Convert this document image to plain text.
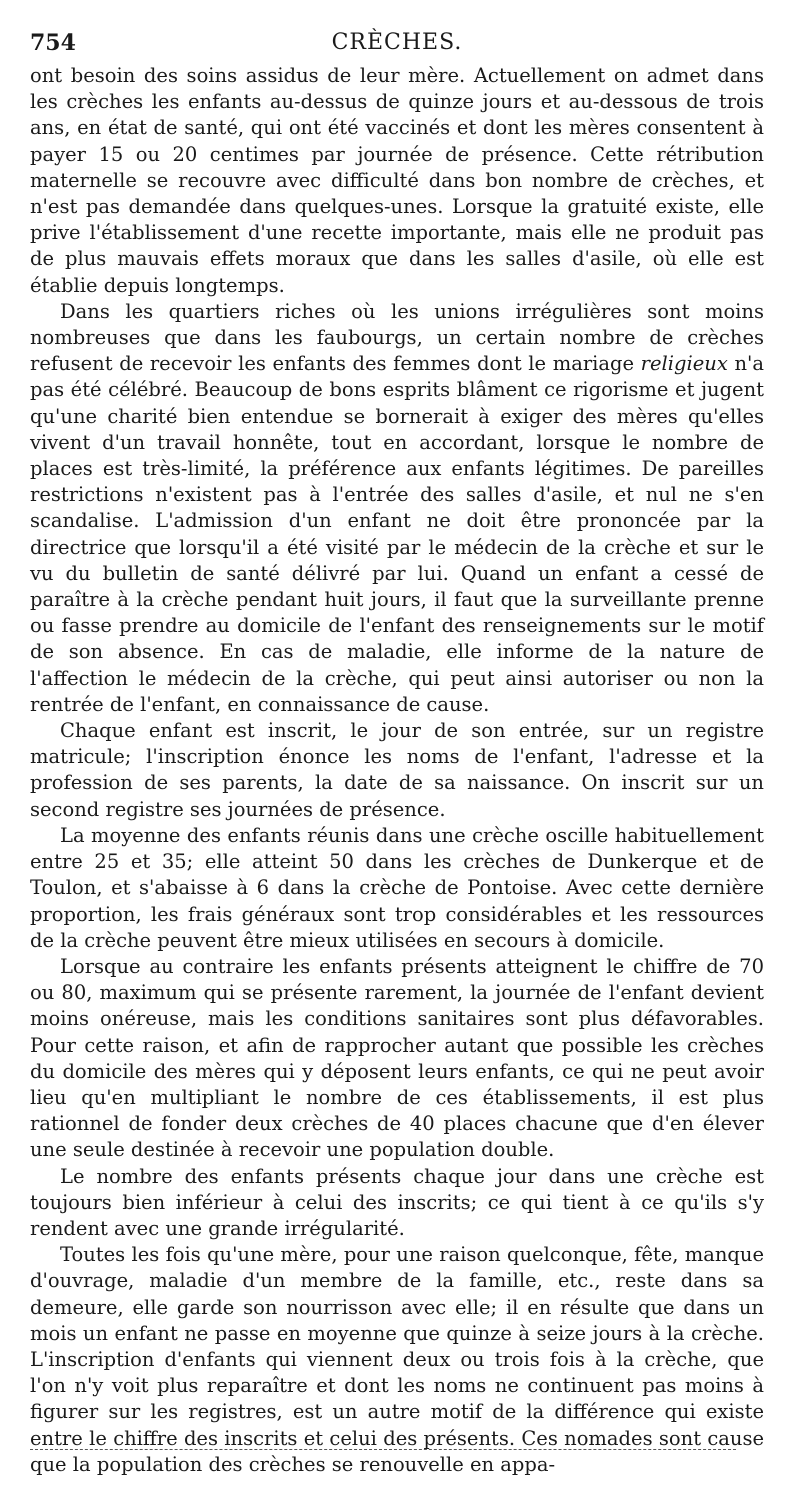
754	CRÈCHES.

ont besoin des soins assidus de leur mère. Actuellement on admet dans les crèches les enfants au-dessus de quinze jours et au-dessous de trois ans, en état de santé, qui ont été vaccinés et dont les mères consentent à payer 15 ou 20 centimes par journée de présence. Cette rétribution maternelle se recouvre avec difficulté dans bon nombre de crèches, et n'est pas demandée dans quelques-unes. Lorsque la gratuité existe, elle prive l'établissement d'une recette importante, mais elle ne produit pas de plus mauvais effets moraux que dans les salles d'asile, où elle est établie depuis longtemps.

Dans les quartiers riches où les unions irrégulières sont moins nombreuses que dans les faubourgs, un certain nombre de crèches refusent de recevoir les enfants des femmes dont le mariage religieux n'a pas été célébré. Beaucoup de bons esprits blâment ce rigorisme et jugent qu'une charité bien entendue se bornerait à exiger des mères qu'elles vivent d'un travail honnête, tout en accordant, lorsque le nombre de places est très-limité, la préférence aux enfants légitimes. De pareilles restrictions n'existent pas à l'entrée des salles d'asile, et nul ne s'en scandalise. L'admission d'un enfant ne doit être prononcée par la directrice que lorsqu'il a été visité par le médecin de la crèche et sur le vu du bulletin de santé délivré par lui. Quand un enfant a cessé de paraître à la crèche pendant huit jours, il faut que la surveillante prenne ou fasse prendre au domicile de l'enfant des renseignements sur le motif de son absence. En cas de maladie, elle informe de la nature de l'affection le médecin de la crèche, qui peut ainsi autoriser ou non la rentrée de l'enfant, en connaissance de cause.

Chaque enfant est inscrit, le jour de son entrée, sur un registre matricule; l'inscription énonce les noms de l'enfant, l'adresse et la profession de ses parents, la date de sa naissance. On inscrit sur un second registre ses journées de présence.

La moyenne des enfants réunis dans une crèche oscille habituellement entre 25 et 35; elle atteint 50 dans les crèches de Dunkerque et de Toulon, et s'abaisse à 6 dans la crèche de Pontoise. Avec cette dernière proportion, les frais généraux sont trop considérables et les ressources de la crèche peuvent être mieux utilisées en secours à domicile.

Lorsque au contraire les enfants présents atteignent le chiffre de 70 ou 80, maximum qui se présente rarement, la journée de l'enfant devient moins onéreuse, mais les conditions sanitaires sont plus défavorables. Pour cette raison, et afin de rapprocher autant que possible les crèches du domicile des mères qui y déposent leurs enfants, ce qui ne peut avoir lieu qu'en multipliant le nombre de ces établissements, il est plus rationnel de fonder deux crèches de 40 places chacune que d'en élever une seule destinée à recevoir une population double.

Le nombre des enfants présents chaque jour dans une crèche est toujours bien inférieur à celui des inscrits; ce qui tient à ce qu'ils s'y rendent avec une grande irrégularité.

Toutes les fois qu'une mère, pour une raison quelconque, fête, manque d'ouvrage, maladie d'un membre de la famille, etc., reste dans sa demeure, elle garde son nourrisson avec elle; il en résulte que dans un mois un enfant ne passe en moyenne que quinze à seize jours à la crèche. L'inscription d'enfants qui viennent deux ou trois fois à la crèche, que l'on n'y voit plus reparaître et dont les noms ne continuent pas moins à figurer sur les registres, est un autre motif de la différence qui existe entre le chiffre des inscrits et celui des présents. Ces nomades sont cause que la population des crèches se renouvelle en appa-
